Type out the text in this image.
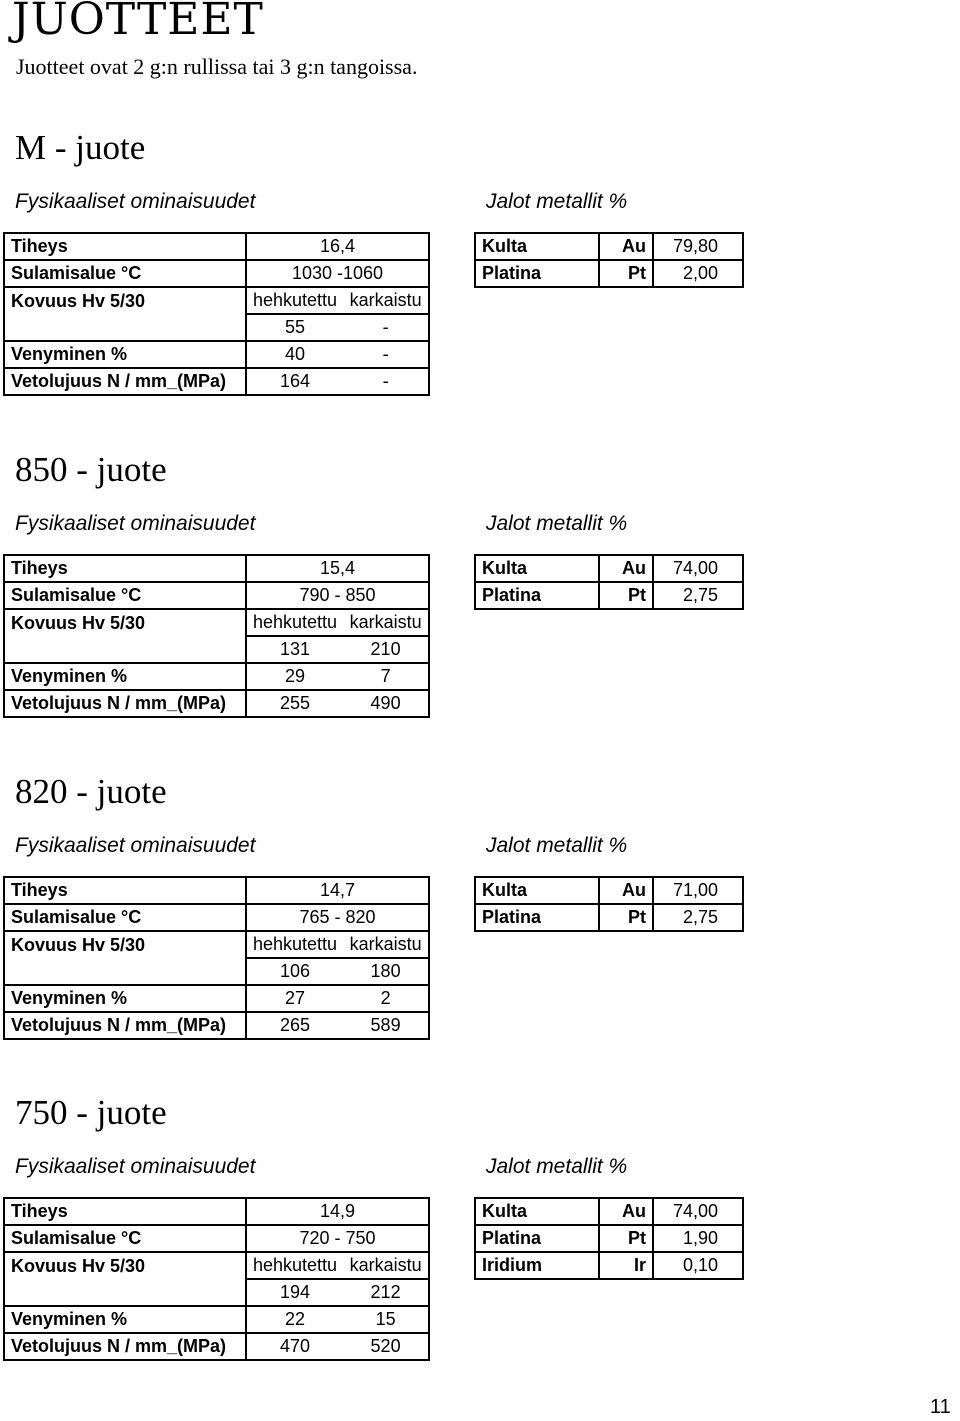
JUOTTEET
Juotteet ovat 2 g:n rullissa tai 3 g:n tangoissa.
M - juote
Fysikaaliset ominaisuudet	Jalot metallit %
Tiheys	16,4	
Sulamisalue °C	1030 -1060	
Kovuus Hv 5/30	hehkutettu	karkaistu
	55	-
Venyminen %	40	-
Vetolujuus N / mm_(MPa)	164	-
Kulta	Au	79,80
Platina	Pt	2,00
850 - juote
Fysikaaliset ominaisuudet	Jalot metallit %
Tiheys	15,4	
Sulamisalue °C	790 - 850	
Kovuus Hv 5/30	hehkutettu	karkaistu
	131	210
Venyminen %	29	7
Vetolujuus N / mm_(MPa)	255	490
Kulta	Au	74,00
Platina	Pt	2,75
820 - juote
Fysikaaliset ominaisuudet	Jalot metallit %
Tiheys	14,7	
Sulamisalue °C	765 - 820	
Kovuus Hv 5/30	hehkutettu	karkaistu
	106	180
Venyminen %	27	2
Vetolujuus N / mm_(MPa)	265	589
Kulta	Au	71,00
Platina	Pt	2,75
750 - juote
Fysikaaliset ominaisuudet	Jalot metallit %
Tiheys	14,9	
Sulamisalue °C	720 - 750	
Kovuus Hv 5/30	hehkutettu	karkaistu
	194	212
Venyminen %	22	15
Vetolujuus N / mm_(MPa)	470	520
Kulta	Au	74,00
Platina	Pt	1,90
Iridium	Ir	0,10
11
